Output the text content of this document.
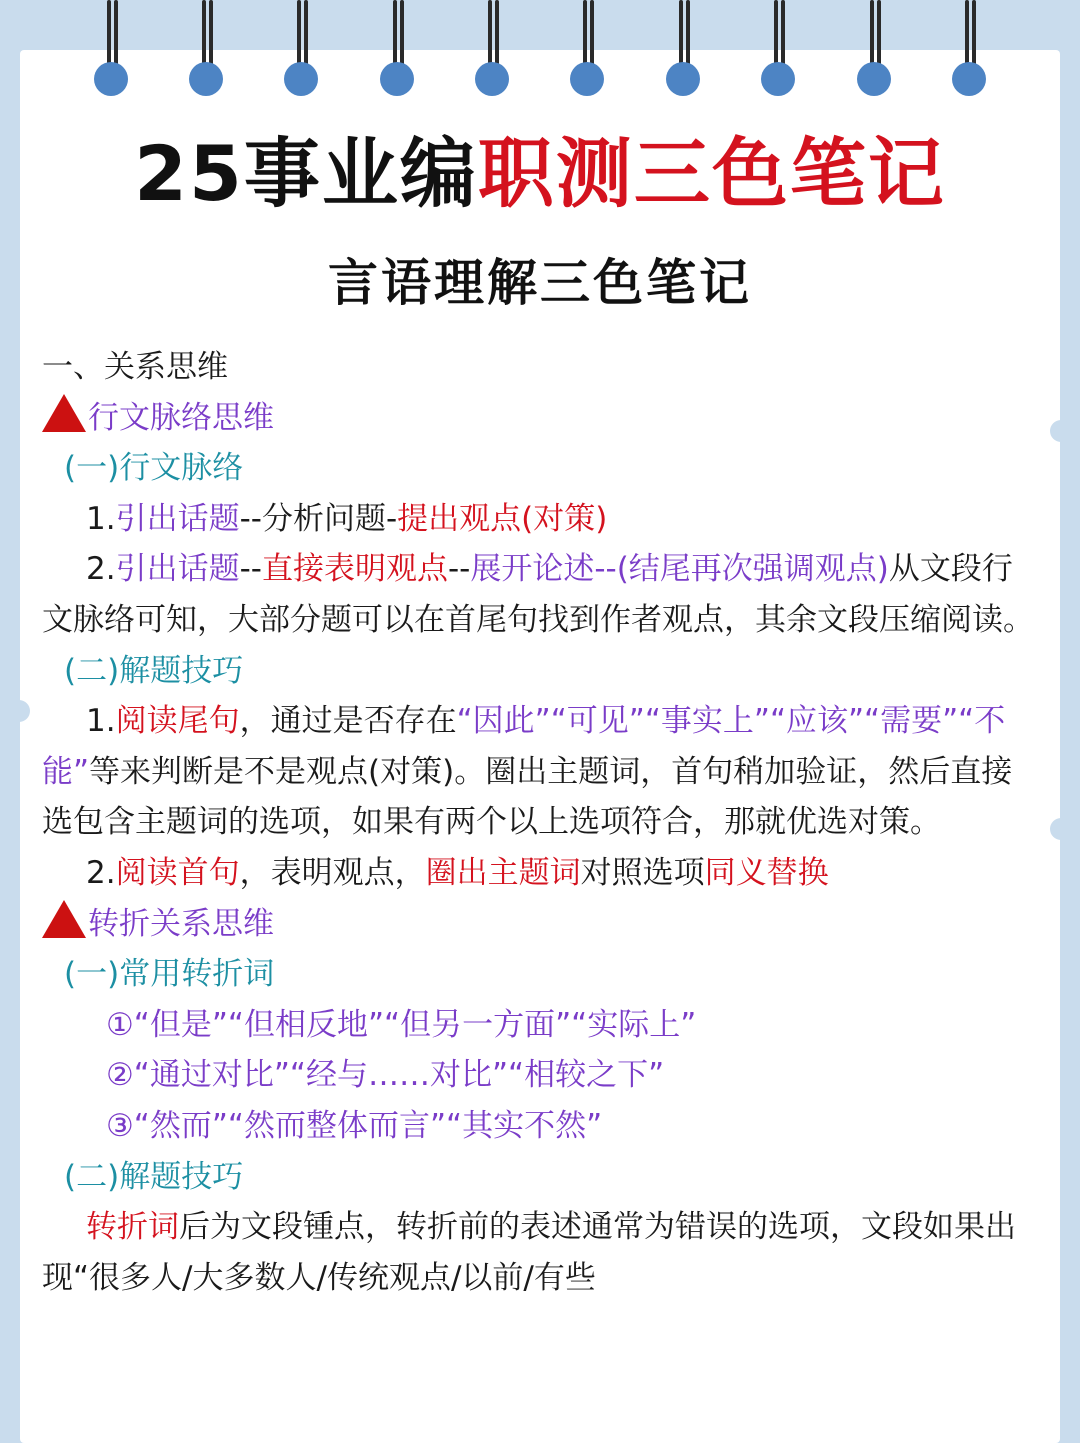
25事业编职测三色笔记
言语理解三色笔记

一、关系思维

行文脉络思维

(一)行文脉络

1.引出话题--分析问题-提出观点(对策)

2.引出话题--直接表明观点--展开论述--(结尾再次强调观点)从文段行文脉络可知，大部分题可以在首尾句找到作者观点，其余文段压缩阅读。

(二)解题技巧

1.阅读尾句，通过是否存在“因此”“可见”“事实上”“应该”“需要”“不能”等来判断是不是观点(对策)。圈出主题词，首句稍加验证，然后直接选包含主题词的选项，如果有两个以上选项符合，那就优选对策。

2.阅读首句，表明观点，圈出主题词对照选项同义替换

转折关系思维

(一)常用转折词

①“但是”“但相反地”“但另一方面”“实际上”

②“通过对比”“经与……对比”“相较之下”

③“然而”“然而整体而言”“其实不然”

(二)解题技巧

转折词后为文段锺点，转折前的表述通常为错误的选项，文段如果出现“很多人/大多数人/传统观点/以前/有些
